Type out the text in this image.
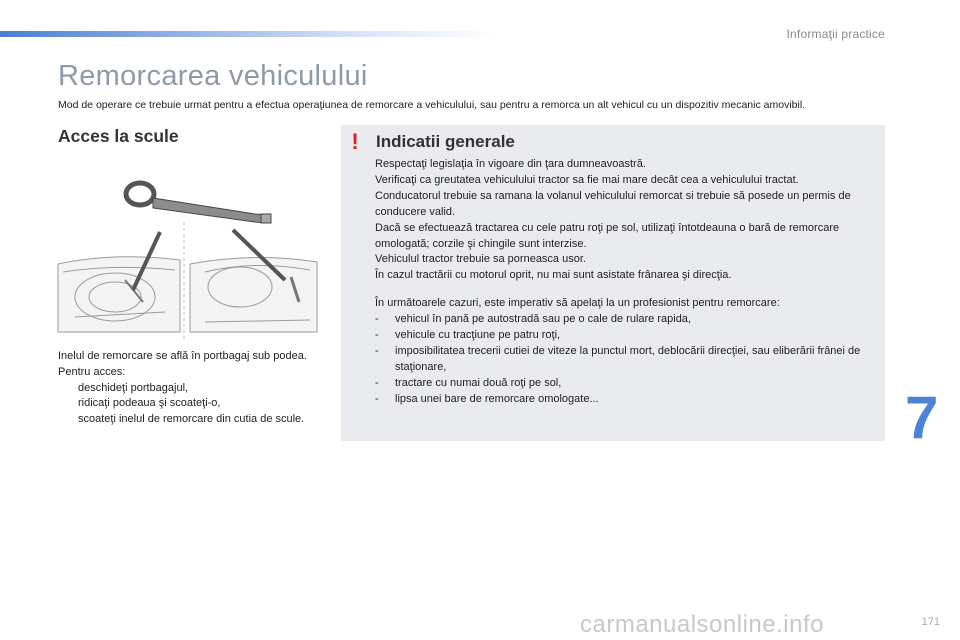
Informaţii practice
Remorcarea vehiculului
Mod de operare ce trebuie urmat pentru a efectua operaţiunea de remorcare a vehiculului, sau pentru a remorca un alt vehicul cu un dispozitiv mecanic amovibil.
Acces la scule

Inelul de remorcare se află în portbagaj sub podea.

Pentru acces:

deschideţi portbagajul,
ridicaţi podeaua şi scoateţi-o,
scoateţi inelul de remorcare din cutia de scule.
! Indicatii generale

Respectaţi legislaţia în vigoare din ţara dumneavoastră.

Verificaţi ca greutatea vehiculului tractor sa fie mai mare decât cea a vehiculului tractat.

Conducatorul trebuie sa ramana la volanul vehiculului remorcat si trebuie să posede un permis de conducere valid.

Dacă se efectuează tractarea cu cele patru roţi pe sol, utilizaţi întotdeauna o bară de remorcare omologată; corzile şi chingile sunt interzise.

Vehiculul tractor trebuie sa porneasca usor.

În cazul tractării cu motorul oprit, nu mai sunt asistate frânarea şi direcţia.

În următoarele cazuri, este imperativ să apelaţi la un profesionist pentru remorcare:

- vehicul în pană pe autostradă sau pe o cale de rulare rapida,
- vehicule cu tracţiune pe patru roţi,
- imposibilitatea trecerii cutiei de viteze la punctul mort, deblocării direcţiei, sau eliberării frânei de staţionare,
- tractare cu numai două roţi pe sol,
- lipsa unei bare de remorcare omologate...	7
carmanualsonline.info	171
